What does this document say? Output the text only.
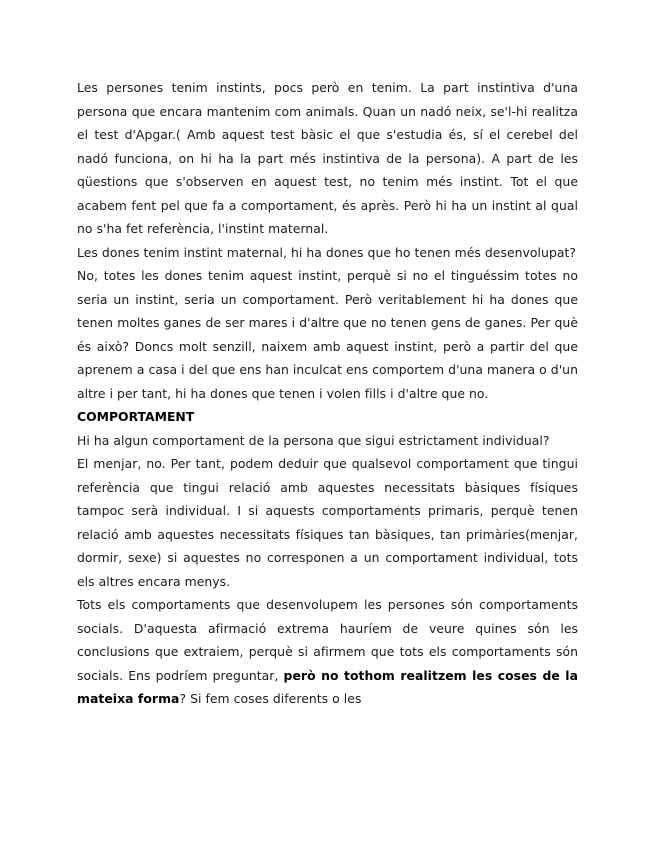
Les persones tenim instints, pocs però en tenim. La part instintiva d'una persona que encara mantenim com animals. Quan un nadó neix, se'l-hi realitza el test d'Apgar.( Amb aquest test bàsic el que s'estudia és, sí el cerebel del nadó funciona, on hi ha la part més instintiva de la persona). A part de les qüestions que s'observen en aquest test, no tenim més instint. Tot el que acabem fent pel que fa a comportament, és après. Però hi ha un instint al qual no s'ha fet referència, l'instint maternal.

Les dones tenim instint maternal, hi ha dones que ho tenen més desenvolupat?

No, totes les dones tenim aquest instint, perquè si no el tinguéssim totes no seria un instint, seria un comportament. Però veritablement hi ha dones que tenen moltes ganes de ser mares i d'altre que no tenen gens de ganes. Per què és això? Doncs molt senzill, naixem amb aquest instint, però a partir del que aprenem a casa i del que ens han inculcat ens comportem d'una manera o d'un altre i per tant, hi ha dones que tenen i volen fills i d'altre que no.

COMPORTAMENT

Hi ha algun comportament de la persona que sigui estrictament individual?

El menjar, no. Per tant, podem deduir que qualsevol comportament que tingui referència que tingui relació amb aquestes necessitats bàsiques físiques tampoc serà individual. I si aquests comportaments primaris, perquè tenen relació amb aquestes necessitats físiques tan bàsiques, tan primàries(menjar, dormir, sexe) si aquestes no corresponen a un comportament individual, tots els altres encara menys.

Tots els comportaments que desenvolupem les persones són comportaments socials. D'aquesta afirmació extrema hauríem de veure quines són les conclusions que extraiem, perquè si afirmem que tots els comportaments són socials. Ens podríem preguntar, però no tothom realitzem les coses de la mateixa forma? Si fem coses diferents o les
